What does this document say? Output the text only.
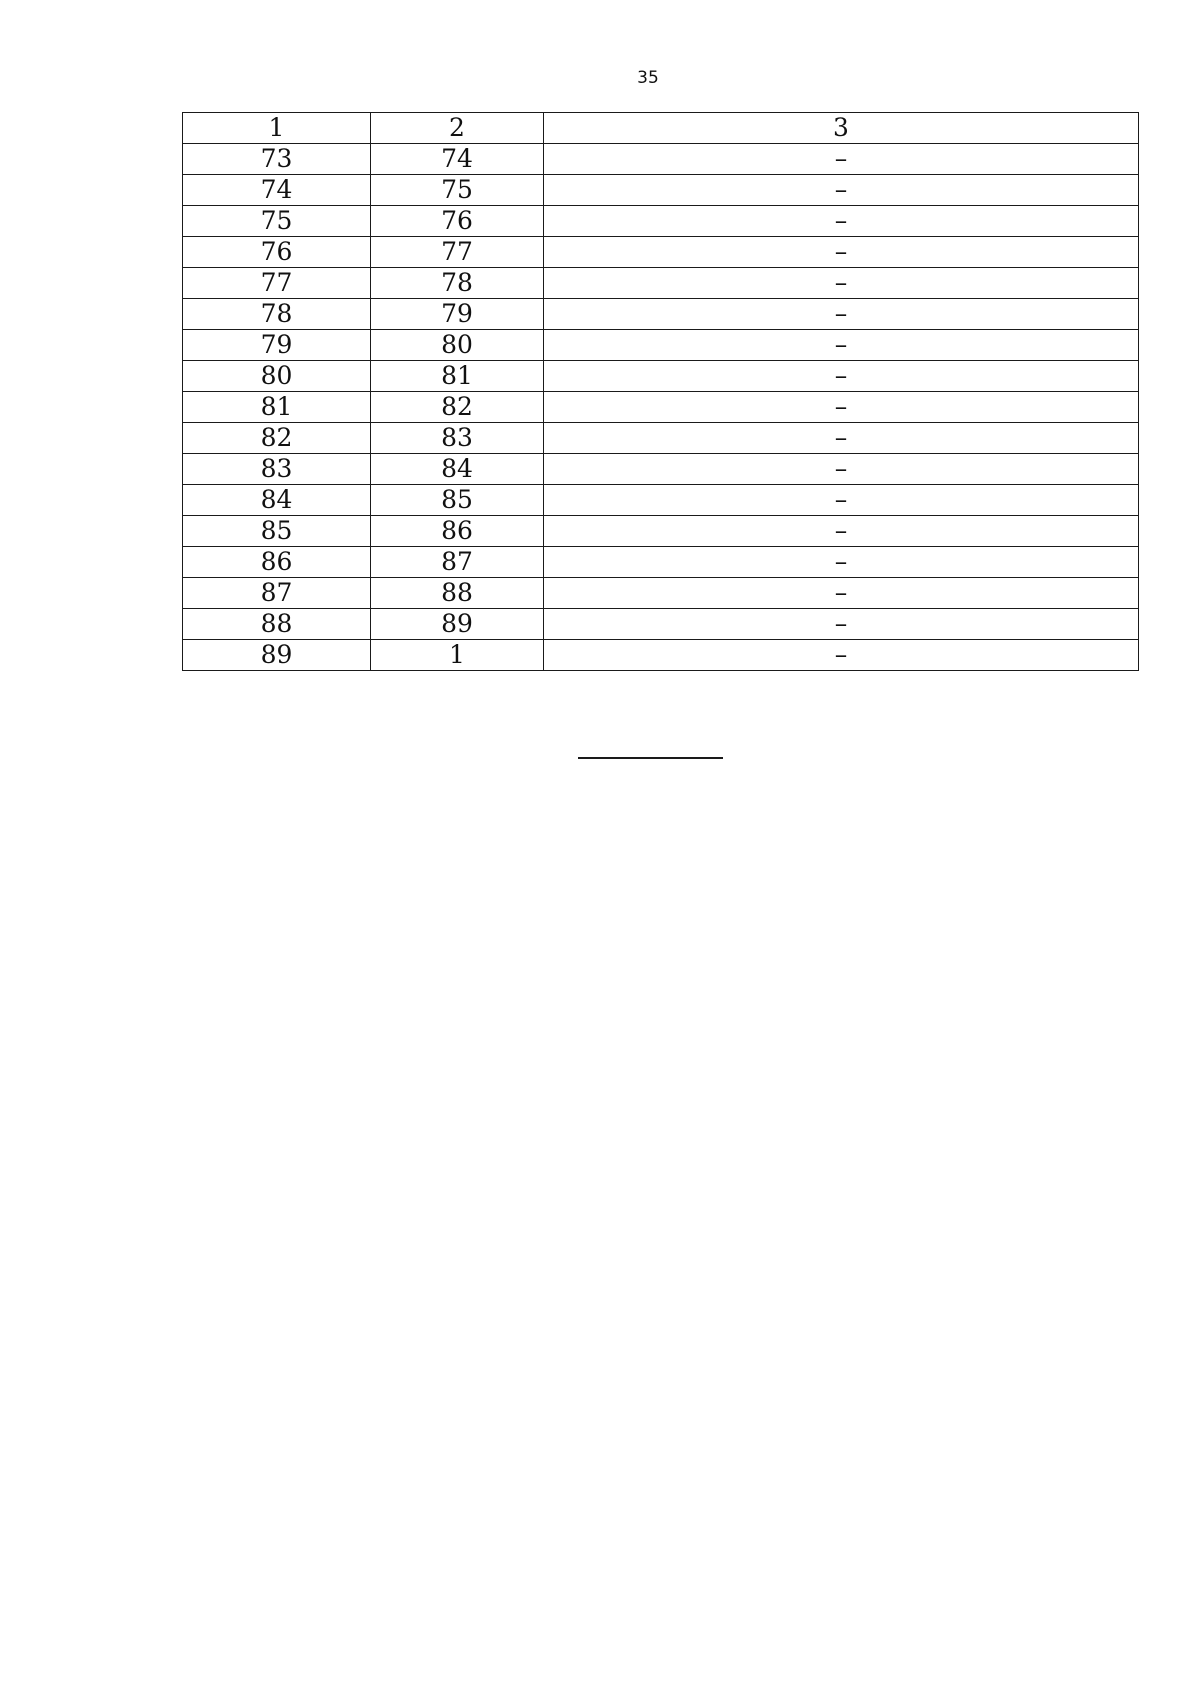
35
1	2	3
73	74	–
74	75	–
75	76	–
76	77	–
77	78	–
78	79	–
79	80	–
80	81	–
81	82	–
82	83	–
83	84	–
84	85	–
85	86	–
86	87	–
87	88	–
88	89	–
89	1	–
